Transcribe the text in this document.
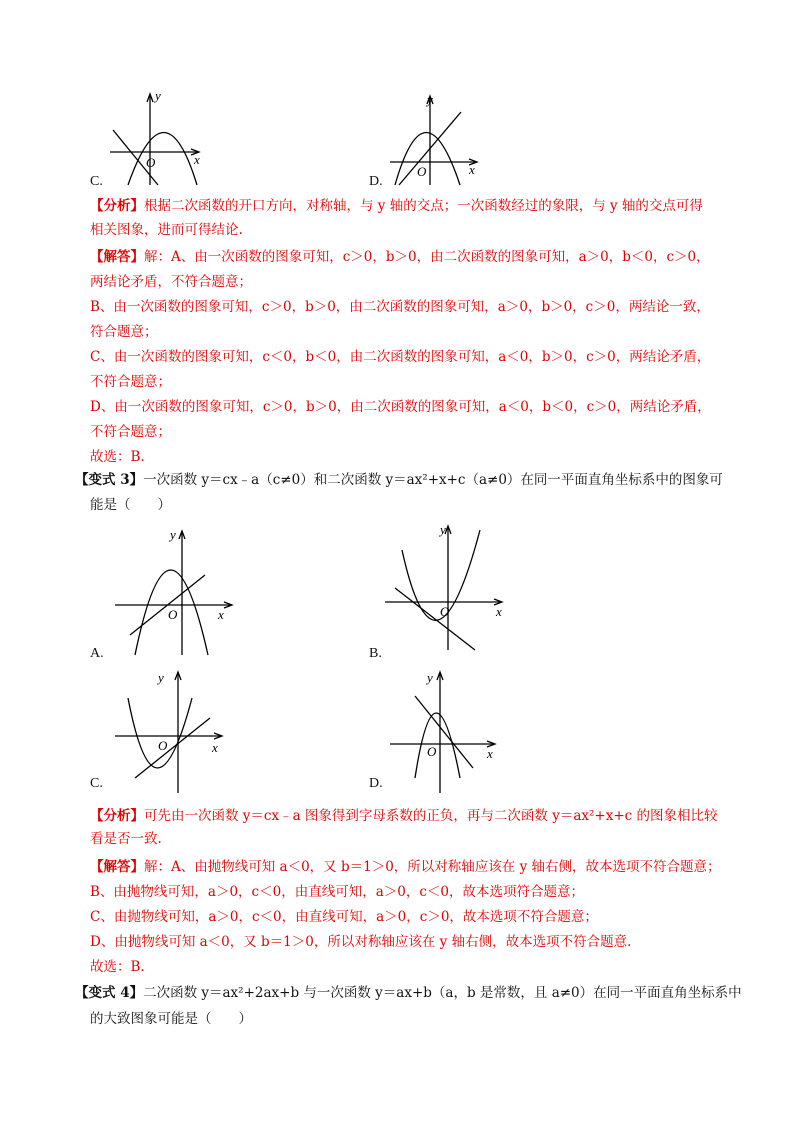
y
x
O
C.
y
x
O
D.
【分析】根据二次函数的开口方向，对称轴，与 y 轴的交点；一次函数经过的象限，与 y 轴的交点可得
相关图象，进而可得结论.
【解答】解：A、由一次函数的图象可知，c＞0，b＞0，由二次函数的图象可知，a＞0，b＜0，c＞0，
两结论矛盾，不符合题意；
B、由一次函数的图象可知，c＞0，b＞0，由二次函数的图象可知，a＞0，b＞0，c＞0，两结论一致，
符合题意；
C、由一次函数的图象可知，c＜0，b＜0，由二次函数的图象可知，a＜0，b＞0，c＞0，两结论矛盾，
不符合题意；
D、由一次函数的图象可知，c＞0，b＞0，由二次函数的图象可知，a＜0，b＜0，c＞0，两结论矛盾，
不符合题意；
故选：B.
【变式 3】一次函数 y＝cx﹣a（c≠0）和二次函数 y＝ax²+x+c（a≠0）在同一平面直角坐标系中的图象可
能是（　　）
y
x
O
A.
y
x
O
B.
y
x
O
C.
y
x
O
D.
【分析】可先由一次函数 y＝cx﹣a 图象得到字母系数的正负，再与二次函数 y＝ax²+x+c 的图象相比较
看是否一致.
【解答】解：A、由抛物线可知 a＜0，又 b＝1＞0，所以对称轴应该在 y 轴右侧，故本选项不符合题意；
B、由抛物线可知，a＞0，c＜0，由直线可知，a＞0，c＜0，故本选项符合题意；
C、由抛物线可知，a＞0，c＜0，由直线可知，a＞0，c＞0，故本选项不符合题意；
D、由抛物线可知 a＜0，又 b＝1＞0，所以对称轴应该在 y 轴右侧，故本选项不符合题意.
故选：B.
【变式 4】二次函数 y＝ax²+2ax+b 与一次函数 y＝ax+b（a，b 是常数，且 a≠0）在同一平面直角坐标系中
的大致图象可能是（　　）
